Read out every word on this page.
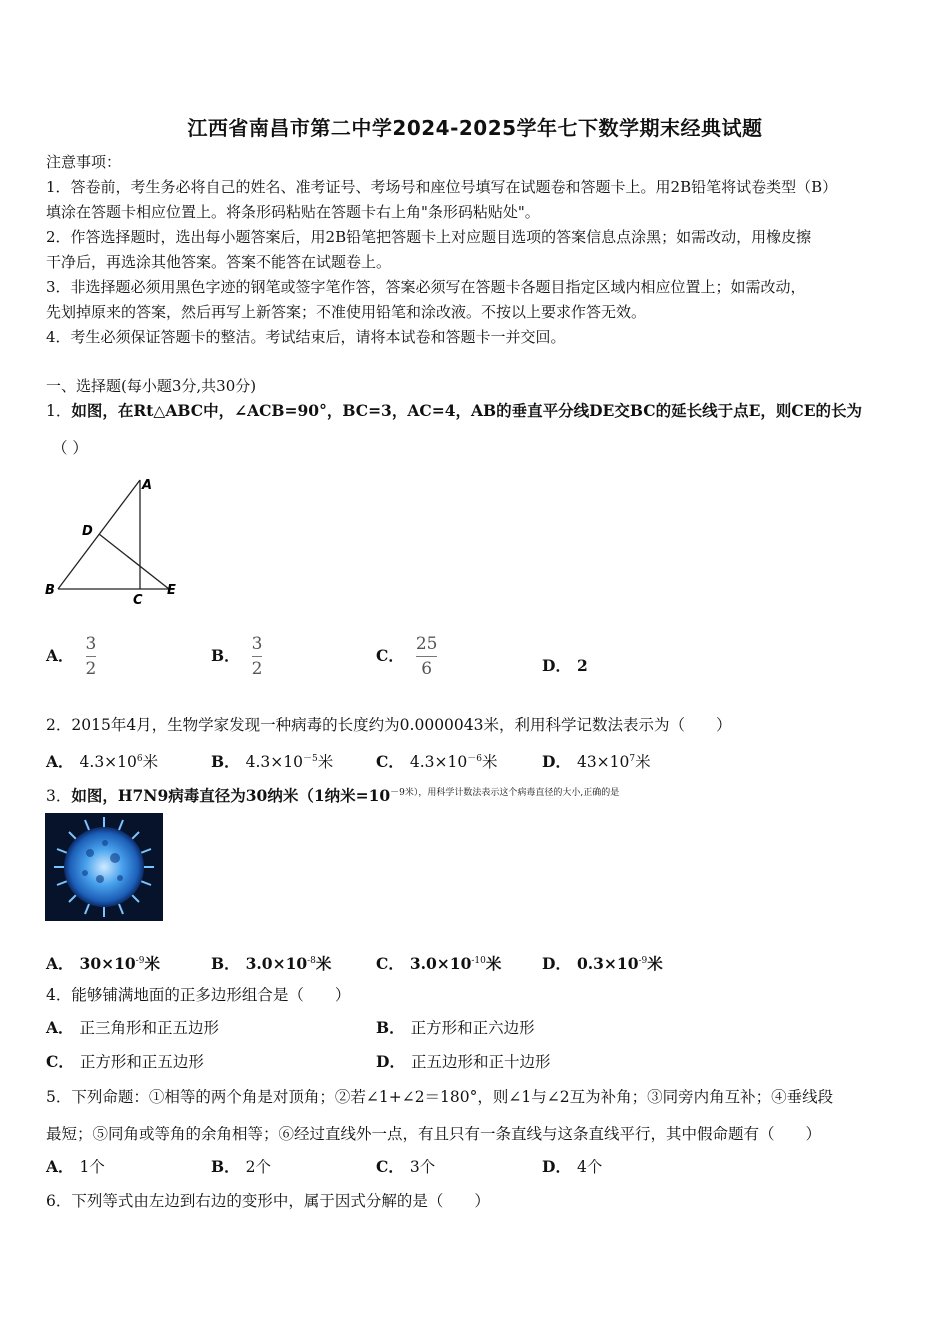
江西省南昌市第二中学2024-2025学年七下数学期末经典试题
注意事项：
1．答卷前，考生务必将自己的姓名、准考证号、考场号和座位号填写在试题卷和答题卡上。用2B铅笔将试卷类型（B）
填涂在答题卡相应位置上。将条形码粘贴在答题卡右上角"条形码粘贴处"。
2．作答选择题时，选出每小题答案后，用2B铅笔把答题卡上对应题目选项的答案信息点涂黑；如需改动，用橡皮擦
干净后，再选涂其他答案。答案不能答在试题卷上。
3．非选择题必须用黑色字迹的钢笔或签字笔作答，答案必须写在答题卡各题目指定区域内相应位置上；如需改动，
先划掉原来的答案，然后再写上新答案；不准使用铅笔和涂改液。不按以上要求作答无效。
4．考生必须保证答题卡的整洁。考试结束后，请将本试卷和答题卡一并交回。
一、选择题(每小题3分,共30分)
1．如图，在Rt△ABC中，∠ACB=90°，BC=3，AC=4，AB的垂直平分线DE交BC的延长线于点E，则CE的长为
（ ）
A
D
B
C
E
A． $\frac{3}{2}$	B． $\frac{3}{2}$	C． $\frac{25}{6}$	D． 2
2．2015年4月，生物学家发现一种病毒的长度约为0.0000043米，利用科学记数法表示为（　　）
A． $4.3\times 10^6$米	B． $4.3\times 10^{-5}$米	C． $4.3\times 10^{-6}$米	D． $43\times 10^7$米
3．如图，H7N9病毒直径为30纳米（1纳米$=10^{-9米),用科学计数法表示这个病毒直径的大小,正确的是}$
A． $30\times 10^{-9}$米	B． $3.0\times 10^{-8}$米	C． $3.0\times 10^{-10}$米	D． $0.3\times 10^{-9}$米
4．能够铺满地面的正多边形组合是（　　）
A． 正三角形和正五边形	B． 正方形和正六边形
C． 正方形和正五边形	D． 正五边形和正十边形
5．下列命题：①相等的两个角是对顶角；②若∠1+∠2＝180°，则∠1与∠2互为补角；③同旁内角互补；④垂线段
最短；⑤同角或等角的余角相等；⑥经过直线外一点，有且只有一条直线与这条直线平行，其中假命题有（　　）
A． 1个	B． 2个	C． 3个	D． 4个
6．下列等式由左边到右边的变形中，属于因式分解的是（　　）
